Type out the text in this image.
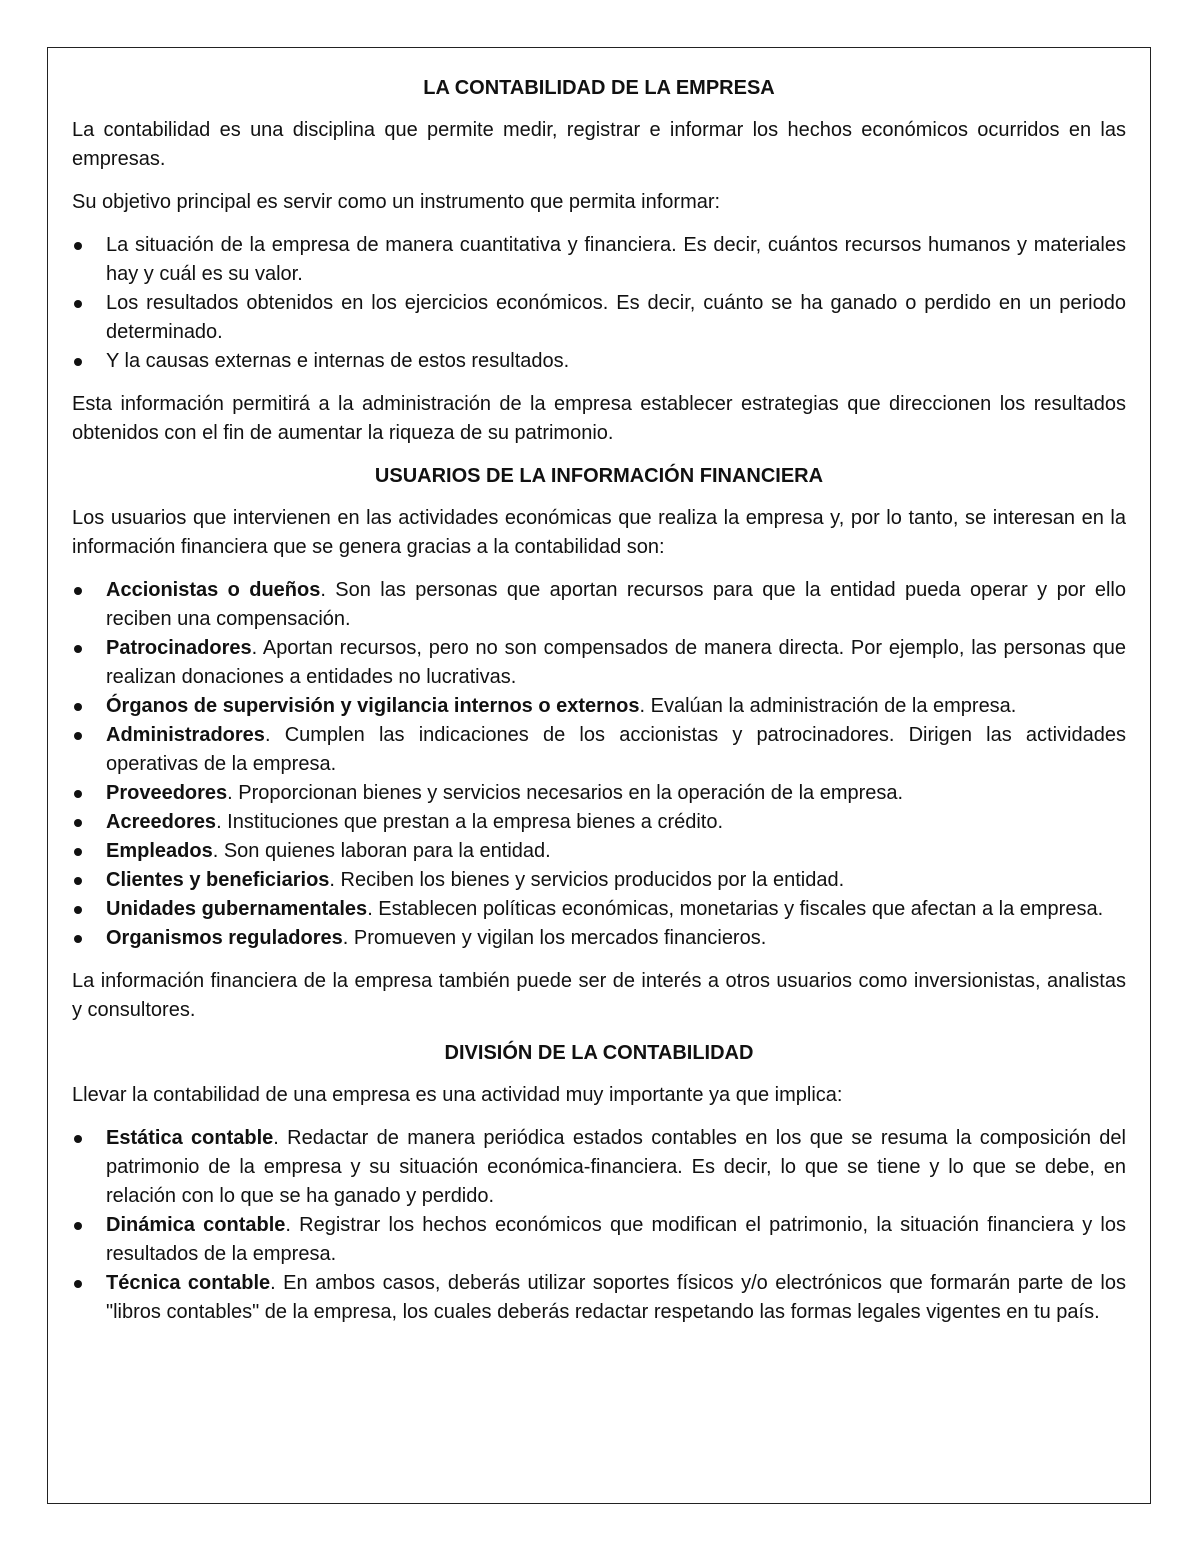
LA CONTABILIDAD DE LA EMPRESA

La contabilidad es una disciplina que permite medir, registrar e informar los hechos económicos ocurridos en las empresas.

Su objetivo principal es servir como un instrumento que permita informar:

La situación de la empresa de manera cuantitativa y financiera. Es decir, cuántos recursos humanos y materiales hay y cuál es su valor.
Los resultados obtenidos en los ejercicios económicos. Es decir, cuánto se ha ganado o perdido en un periodo determinado.
Y la causas externas e internas de estos resultados.

Esta información permitirá a la administración de la empresa establecer estrategias que direccionen los resultados obtenidos con el fin de aumentar la riqueza de su patrimonio.

USUARIOS DE LA INFORMACIÓN FINANCIERA

Los usuarios que intervienen en las actividades económicas que realiza la empresa y, por lo tanto, se interesan en la información financiera que se genera gracias a la contabilidad son:

Accionistas o dueños. Son las personas que aportan recursos para que la entidad pueda operar y por ello reciben una compensación.
Patrocinadores. Aportan recursos, pero no son compensados de manera directa. Por ejemplo, las personas que realizan donaciones a entidades no lucrativas.
Órganos de supervisión y vigilancia internos o externos. Evalúan la administración de la empresa.
Administradores. Cumplen las indicaciones de los accionistas y patrocinadores. Dirigen las actividades operativas de la empresa.
Proveedores. Proporcionan bienes y servicios necesarios en la operación de la empresa.
Acreedores. Instituciones que prestan a la empresa bienes a crédito.
Empleados. Son quienes laboran para la entidad.
Clientes y beneficiarios. Reciben los bienes y servicios producidos por la entidad.
Unidades gubernamentales. Establecen políticas económicas, monetarias y fiscales que afectan a la empresa.
Organismos reguladores. Promueven y vigilan los mercados financieros.

La información financiera de la empresa también puede ser de interés a otros usuarios como inversionistas, analistas y consultores.

DIVISIÓN DE LA CONTABILIDAD

Llevar la contabilidad de una empresa es una actividad muy importante ya que implica:

Estática contable. Redactar de manera periódica estados contables en los que se resuma la composición del patrimonio de la empresa y su situación económica-financiera. Es decir, lo que se tiene y lo que se debe, en relación con lo que se ha ganado y perdido.
Dinámica contable. Registrar los hechos económicos que modifican el patrimonio, la situación financiera y los resultados de la empresa.
Técnica contable. En ambos casos, deberás utilizar soportes físicos y/o electrónicos que formarán parte de los "libros contables" de la empresa, los cuales deberás redactar respetando las formas legales vigentes en tu país.
